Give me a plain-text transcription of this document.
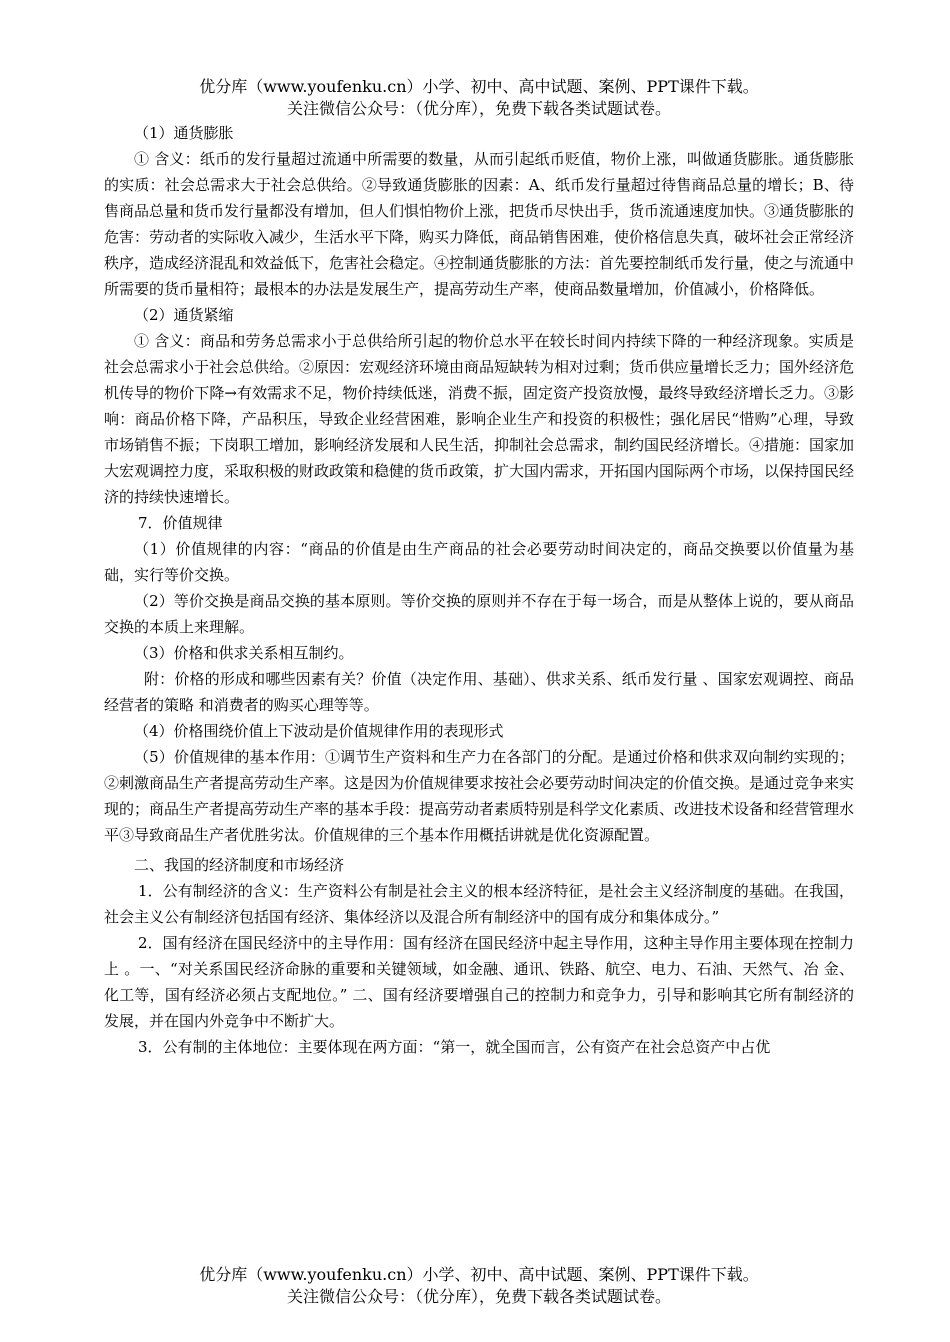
优分库（www.youfenku.cn）小学、初中、高中试题、案例、PPT课件下载。

关注微信公众号：（优分库），免费下载各类试题试卷。

（1）通货膨胀

① 含义：纸币的发行量超过流通中所需要的数量，从而引起纸币贬值，物价上涨，叫做通货膨胀。通货膨胀的实质：社会总需求大于社会总供给。②导致通货膨胀的因素：A、纸币发行量超过待售商品总量的增长；B、待售商品总量和货币发行量都没有增加，但人们惧怕物价上涨，把货币尽快出手，货币流通速度加快。③通货膨胀的危害：劳动者的实际收入减少，生活水平下降，购买力降低，商品销售困难，使价格信息失真，破坏社会正常经济秩序，造成经济混乱和效益低下，危害社会稳定。④控制通货膨胀的方法：首先要控制纸币发行量，使之与流通中所需要的货币量相符；最根本的办法是发展生产，提高劳动生产率，使商品数量增加，价值减小，价格降低。

（2）通货紧缩

① 含义：商品和劳务总需求小于总供给所引起的物价总水平在较长时间内持续下降的一种经济现象。实质是社会总需求小于社会总供给。②原因：宏观经济环境由商品短缺转为相对过剩；货币供应量增长乏力；国外经济危机传导的物价下降→有效需求不足，物价持续低迷，消费不振，固定资产投资放慢，最终导致经济增长乏力。③影响：商品价格下降，产品积压，导致企业经营困难，影响企业生产和投资的积极性；强化居民“惜购”心理，导致市场销售不振；下岗职工增加，影响经济发展和人民生活，抑制社会总需求，制约国民经济增长。④措施：国家加大宏观调控力度，采取积极的财政政策和稳健的货币政策，扩大国内需求，开拓国内国际两个市场，以保持国民经济的持续快速增长。

7．价值规律

（1）价值规律的内容：“商品的价值是由生产商品的社会必要劳动时间决定的，商品交换要以价值量为基础，实行等价交换。

（2）等价交换是商品交换的基本原则。等价交换的原则并不存在于每一场合，而是从整体上说的，要从商品交换的本质上来理解。

（3）价格和供求关系相互制约。

附：价格的形成和哪些因素有关？价值（决定作用、基础）、供求关系、纸币发行量 、国家宏观调控、商品经营者的策略 和消费者的购买心理等等。

（4）价格围绕价值上下波动是价值规律作用的表现形式

（5）价值规律的基本作用：①调节生产资料和生产力在各部门的分配。是通过价格和供求双向制约实现的；②刺激商品生产者提高劳动生产率。这是因为价值规律要求按社会必要劳动时间决定的价值交换。是通过竞争来实现的；商品生产者提高劳动生产率的基本手段：提高劳动者素质特别是科学文化素质、改进技术设备和经营管理水平③导致商品生产者优胜劣汰。价值规律的三个基本作用概括讲就是优化资源配置。

二、我国的经济制度和市场经济

1．公有制经济的含义：生产资料公有制是社会主义的根本经济特征，是社会主义经济制度的基础。在我国，社会主义公有制经济包括国有经济、集体经济以及混合所有制经济中的国有成分和集体成分。”

2．国有经济在国民经济中的主导作用：国有经济在国民经济中起主导作用，这种主导作用主要体现在控制力上 。一、“对关系国民经济命脉的重要和关键领域，如金融、通讯、铁路、航空、电力、石油、天然气、冶 金、化工等，国有经济必须占支配地位。” 二、国有经济要增强自己的控制力和竞争力，引导和影响其它所有制经济的发展，并在国内外竞争中不断扩大。

3．公有制的主体地位：主要体现在两方面：“第一，就全国而言，公有资产在社会总资产中占优

优分库（www.youfenku.cn）小学、初中、高中试题、案例、PPT课件下载。

关注微信公众号：（优分库），免费下载各类试题试卷。
